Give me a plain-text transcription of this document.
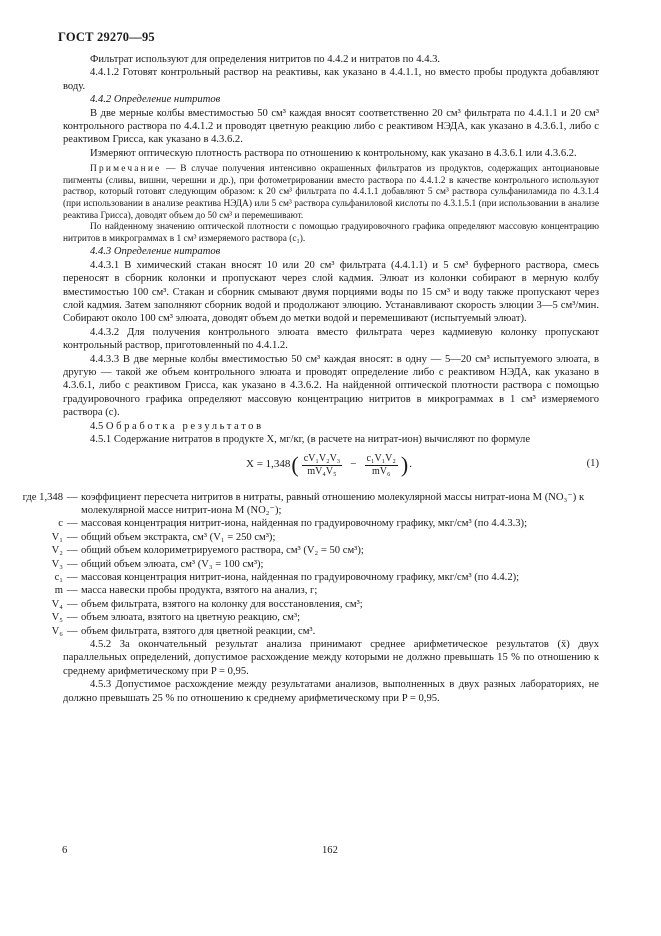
ГОСТ 29270—95

Фильтрат используют для определения нитритов по 4.4.2 и нитратов по 4.4.3.

4.4.1.2 Готовят контрольный раствор на реактивы, как указано в 4.4.1.1, но вместо пробы продукта добавляют воду.

4.4.2 Определение нитритов

В две мерные колбы вместимостью 50 см³ каждая вносят соответственно 20 см³ фильтрата по 4.4.1.1 и 20 см³ контрольного раствора по 4.4.1.2 и проводят цветную реакцию либо с реактивом НЭДА, как указано в 4.3.6.1, либо с реактивом Грисса, как указано в 4.3.6.2.

Измеряют оптическую плотность раствора по отношению к контрольному, как указано в 4.3.6.1 или 4.3.6.2.

Примечание — В случае получения интенсивно окрашенных фильтратов из продуктов, содержащих антоциановые пигменты (сливы, вишни, черешни и др.), при фотометрировании вместо раствора по 4.4.1.2 в качестве контрольного используют раствор, который готовят следующим образом: к 20 см³ фильтрата по 4.4.1.1 добавляют 5 см³ раствора сульфаниламида по 4.3.1.4 (при использовании в анализе реактива НЭДА) или 5 см³ раствора сульфаниловой кислоты по 4.3.1.5.1 (при использовании в анализе реактива Грисса), доводят объем до 50 см³ и перемешивают.

По найденному значению оптической плотности с помощью градуировочного графика определяют массовую концентрацию нитритов в микрограммах в 1 см³ измеряемого раствора (c₁).

4.4.3 Определение нитратов

4.4.3.1 В химический стакан вносят 10 или 20 см³ фильтрата (4.4.1.1) и 5 см³ буферного раствора, смесь переносят в сборник колонки и пропускают через слой кадмия. Элюат из колонки собирают в мерную колбу вместимостью 100 см³. Стакан и сборник смывают двумя порциями воды по 15 см³ и воду также пропускают через слой кадмия. Затем заполняют сборник водой и продолжают элюцию. Устанавливают скорость элюции 3—5 см³/мин. Собирают около 100 см³ элюата, доводят объем до метки водой и перемешивают (испытуемый элюат).

4.4.3.2 Для получения контрольного элюата вместо фильтрата через кадмиевую колонку пропускают контрольный раствор, приготовленный по 4.4.1.2.

4.4.3.3 В две мерные колбы вместимостью 50 см³ каждая вносят: в одну — 5—20 см³ испытуемого элюата, в другую — такой же объем контрольного элюата и проводят определение либо с реактивом НЭДА, как указано в 4.3.6.1, либо с реактивом Грисса, как указано в 4.3.6.2. На найденной оптической плотности раствора с помощью градуировочного графика определяют массовую концентрацию нитритов в микрограммах в 1 см³ измеряемого раствора (c).

4.5 Обработка результатов

4.5.1 Содержание нитратов в продукте X, мг/кг, (в расчете на нитрат-ион) вычисляют по формуле

X = 1,348 ( $\frac{\text{cV₁V₂V₃}}{\text{mV₄V₅}} - \frac{\text{c₁V₁V₂}}{\text{mV₆}}$ ) .	(1)
где 1,348 — коэффициент пересчета нитритов в нитраты, равный отношению молекулярной массы нитрат-иона M (NO₃⁻) к молекулярной массе нитрит-иона M (NO₂⁻);
c — массовая концентрация нитрит-иона, найденная по градуировочному графику, мкг/см³ (по 4.4.3.3);
V₁ — общий объем экстракта, см³ (V₁ = 250 см³);
V₂ — общий объем колориметрируемого раствора, см³ (V₂ = 50 см³);
V₃ — общий объем элюата, см³ (V₃ = 100 см³);
c₁ — массовая концентрация нитрит-иона, найденная по градуировочному графику, мкг/см³ (по 4.4.2);
m — масса навески пробы продукта, взятого на анализ, г;
V₄ — объем фильтрата, взятого на колонку для восстановления, см³;
V₅ — объем элюата, взятого на цветную реакцию, см³;
V₆ — объем фильтрата, взятого для цветной реакции, см³.

4.5.2 За окончательный результат анализа принимают среднее арифметическое результатов (x̄) двух параллельных определений, допустимое расхождение между которыми не должно превышать 15 % по отношению к среднему арифметическому при P = 0,95.

4.5.3 Допустимое расхождение между результатами анализов, выполненных в двух разных лабораториях, не должно превышать 25 % по отношению к среднему арифметическому при P = 0,95.

6	162
